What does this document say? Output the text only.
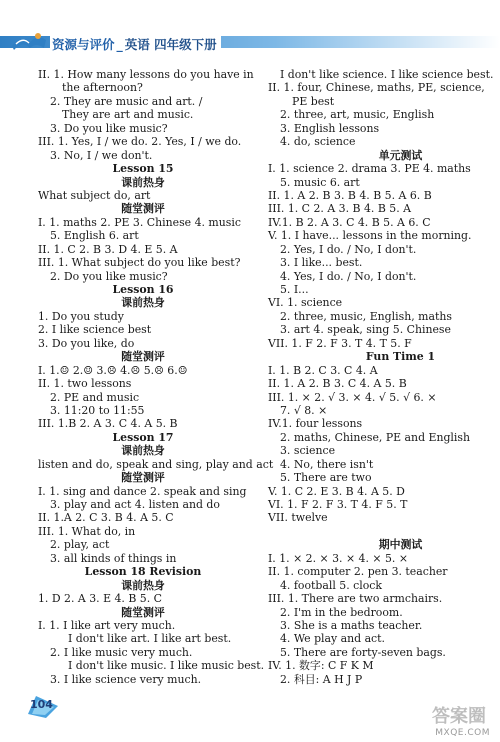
资源与评价 _ 英语 四年级下册
II. 1. How many lessons do you have in
the afternoon?
2. They are music and art. /
They are art and music.
3. Do you like music?
III. 1. Yes, I / we do. 2. Yes, I / we do.
3. No, I / we don't.
Lesson 15
课前热身
What subject do, art
随堂测评
I. 1. maths 2. PE 3. Chinese 4. music
5. English 6. art
II. 1. C 2. B 3. D 4. E 5. A
III. 1. What subject do you like best?
2. Do you like music?
Lesson 16
课前热身
1. Do you study
2. I like science best
3. Do you like, do
随堂测评
I. 1.☺ 2.☺ 3.☹ 4.☹ 5.☹ 6.☺
II. 1. two lessons
2. PE and music
3. 11:20 to 11:55
III. 1.B 2. A 3. C 4. A 5. B
Lesson 17
课前热身
listen and do, speak and sing, play and act
随堂测评
I. 1. sing and dance 2. speak and sing
3. play and act 4. listen and do
II. 1.A 2. C 3. B 4. A 5. C
III. 1. What do, in
2. play, act
3. all kinds of things in
Lesson 18 Revision
课前热身
1. D 2. A 3. E 4. B 5. C
随堂测评
I. 1. I like art very much.
I don't like art. I like art best.
2. I like music very much.
I don't like music. I like music best.
3. I like science very much.
I don't like science. I like science best.
II. 1. four, Chinese, maths, PE, science,
PE best
2. three, art, music, English
3. English lessons
4. do, science
单元测试
I. 1. science 2. drama 3. PE 4. maths
5. music 6. art
II. 1. A 2. B 3. B 4. B 5. A 6. B
III. 1. C 2. A 3. B 4. B 5. A
IV.1. B 2. A 3. C 4. B 5. A 6. C
V. 1. I have... lessons in the morning.
2. Yes, I do. / No, I don't.
3. I like... best.
4. Yes, I do. / No, I don't.
5. I...
VI. 1. science
2. three, music, English, maths
3. art 4. speak, sing 5. Chinese
VII. 1. F 2. F 3. T 4. T 5. F
Fun Time 1
I. 1. B 2. C 3. C 4. A
II. 1. A 2. B 3. C 4. A 5. B
III. 1. × 2. √ 3. × 4. √ 5. √ 6. ×
7. √ 8. ×
IV.1. four lessons
2. maths, Chinese, PE and English
3. science
4. No, there isn't
5. There are two
V. 1. C 2. E 3. B 4. A 5. D
VI. 1. F 2. F 3. T 4. F 5. T
VII. twelve
期中测试
I. 1. × 2. × 3. × 4. × 5. ×
II. 1. computer 2. pen 3. teacher
4. football 5. clock
III. 1. There are two armchairs.
2. I'm in the bedroom.
3. She is a maths teacher.
4. We play and act.
5. There are forty-seven bags.
IV. 1. 数字: C F K M
2. 科目: A H J P
104
答案圈
MXQE.COM
